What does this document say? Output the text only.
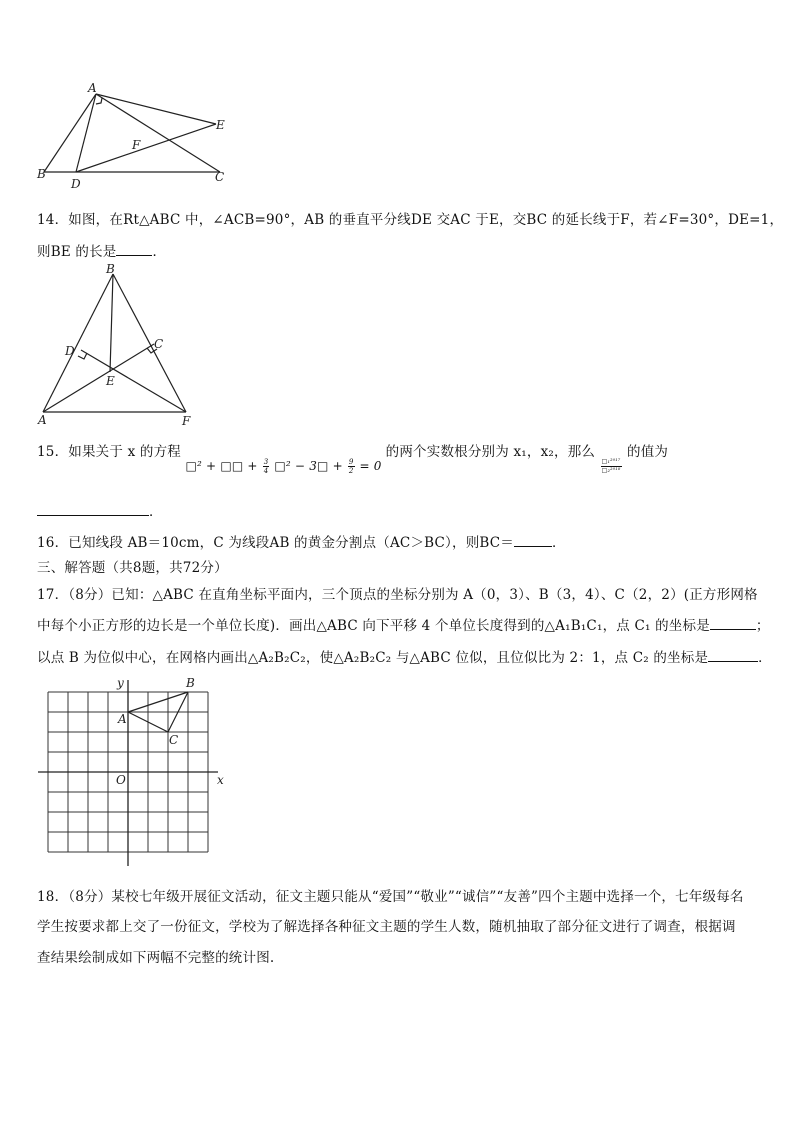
A
B
D
F
E
C
14．如图，在Rt△ABC 中，∠ACB=90°，AB 的垂直平分线DE 交AC 于E，交BC 的延长线于F，若∠F=30°，DE=1，
则BE 的长是	．
B
D	C
E
A	F
15．如果关于 x 的方程 □² + □□ + $\frac{3}{4}$ □² − 3□ + $\frac{9}{2} = 0$ 的两个实数根分别为 x₁，x₂，那么
$\frac{\text{□₁²⁰¹⁷}}{\text{□₂²⁰¹⁸}}$
的值为
．
16．已知线段 AB＝10cm，C 为线段AB 的黄金分割点（AC＞BC），则BC＝	．
三、解答题（共8题，共72分）
17．（8分）已知：△ABC 在直角坐标平面内，三个顶点的坐标分别为 A（0，3）、B（3，4）、C（2，2）(正方形网格
中每个小正方形的边长是一个单位长度)．画出△ABC 向下平移 4 个单位长度得到的△A₁B₁C₁，点 C₁ 的坐标是	；
以点 B 为位似中心，在网格内画出△A₂B₂C₂，使△A₂B₂C₂ 与△ABC 位似，且位似比为 2：1，点 C₂ 的坐标是	．
y
x
O
A
B
C
18．（8分）某校七年级开展征文活动，征文主题只能从“爱国”“敬业”“诚信”“友善”四个主题中选择一个，七年级每名
学生按要求都上交了一份征文，学校为了解选择各种征文主题的学生人数，随机抽取了部分征文进行了调查，根据调
查结果绘制成如下两幅不完整的统计图.
